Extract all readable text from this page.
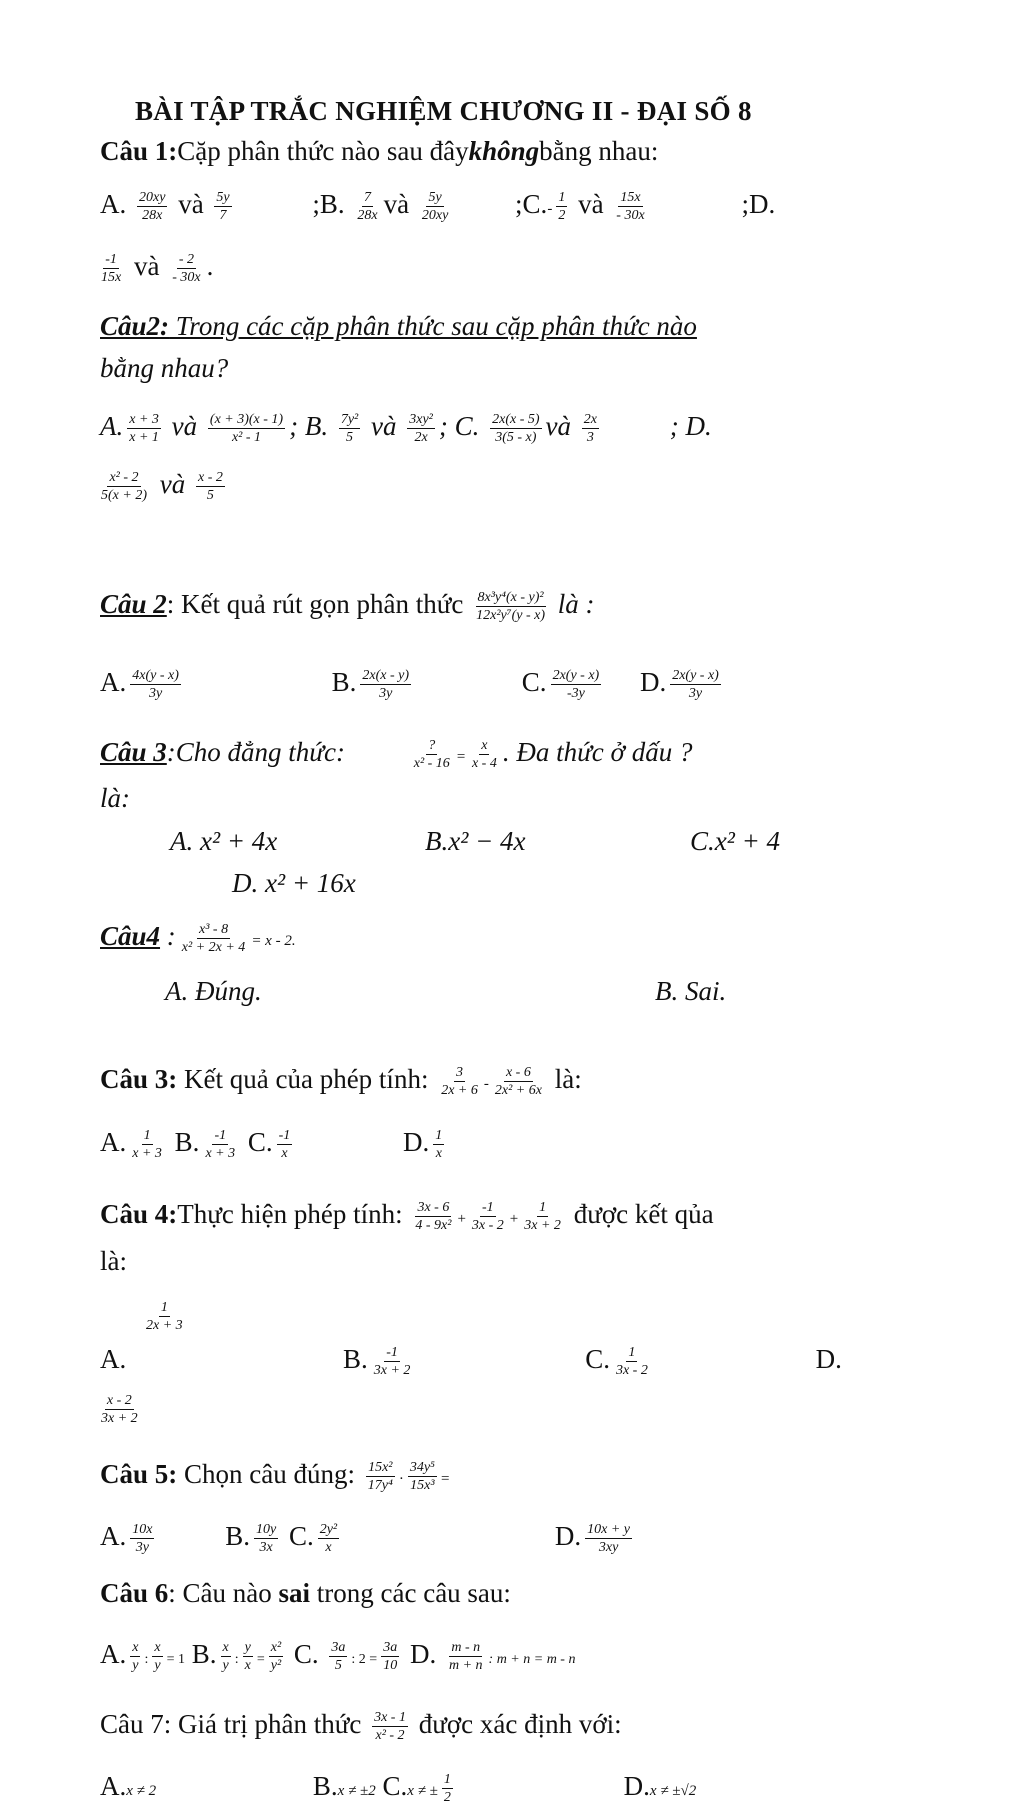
BÀI TẬP TRẮC NGHIỆM CHƯƠNG II - ĐẠI SỐ 8
Câu 1:Cặp phân thức nào sau đâykhôngbằng nhau:
A. $\frac{20xy}{28x}$ và $\frac{5y}{7}$	;B. $\frac{7}{28x}$ và $\frac{5y}{20xy}$ ;C.- $\frac{1}{2}$ và $\frac{15x}{- 30x}$	;D.
$\frac{-1}{15x}$ và $\frac{- 2}{- 30x}$ .
Câu2: Trong các cặp phân thức sau cặp phân thức nào
bằng nhau?
A. $\frac{x + 3}{x + 1}$ và $\frac{(x + 3)(x - 1)}{\text{x² - 1}}$ ; B. $\frac{\text{7y²}}{5}$ và $\frac{\text{3xy²}}{2x}$ ; C. $\frac{2x(x - 5)}{3(5 - x)}$ và $\frac{2x}{3}$	; D.
$\frac{\text{x² - 2}}{5(x + 2)}$ và $\frac{x - 2}{5}$
Câu 2: Kết quả rút gọn phân thức $\frac{\text{8x³y⁴(x - y)²}}{\text{12x²y⁷(y - x)}}$ là :
A. $\frac{4x(y - x)}{3y}$	B. $\frac{2x(x - y)}{3y}$	C. $\frac{2x(y - x)}{-3y} D$. $\frac{2x(y - x)}{3y}$
Câu 3:Cho đẳng thức:	$\frac{?}{\text{x² - 16}} = \frac{x}{x - 4}$ . Đa thức ở dấu ?
là:
A. x² + 4x	B.x² − 4x	C.x² + 4
D. x² + 16x
Câu4 : $\frac{\text{x³ - 8}}{\text{x² + 2x + 4}} = x - 2$.
A. Đúng.	B. Sai.
Câu 3: Kết quả của phép tính: $\frac{3}{2x + 6} - \frac{x - 6}{\text{2x² + 6x}}$ là:
A. $\frac{1}{x + 3} B$. $\frac{-1}{x + 3} C$. $\frac{-1}{x}$	D. $\frac{1}{x}$
Câu 4:Thực hiện phép tính: $\frac{3x - 6}{\text{4 - 9x²}} + \frac{-1}{3x - 2} + \frac{1}{3x + 2}$ được kết qủa
là:
$\frac{1}{2x + 3}$
A.	B. $\frac{-1}{3x + 2}$	C. $\frac{1}{3x - 2}$	D.
$\frac{x - 2}{3x + 2}$
Câu 5: Chọn câu đúng: $\frac{\text{15x²}}{\text{17y⁴}} \cdot \frac{\text{34y⁵}}{\text{15x³}}$ =
A. $\frac{10x}{3y}$	B. $\frac{10y}{3x} C$. $\frac{\text{2y²}}{x}$	D. $\frac{10x + y}{3xy}$
Câu 6: Câu nào sai trong các câu sau:
A. $\frac{x}{y}$ : $\frac{x}{y} = 1$ B. $\frac{x}{y}$ : $\frac{y}{x} = \frac{\text{x²}}{\text{y²}} C$. $\frac{3a}{5}$ : $2 = \frac{3a}{10} D$. $\frac{m - n}{m + n}$ : m + n = m - n
Câu 7: Giá trị phân thức $\frac{3x - 1}{\text{x² - 2}}$ được xác định với:
A.x ≠ 2	B.x ≠ ±2 C.x ≠ ± $\frac{1}{2}$	D.x ≠ ±√2
